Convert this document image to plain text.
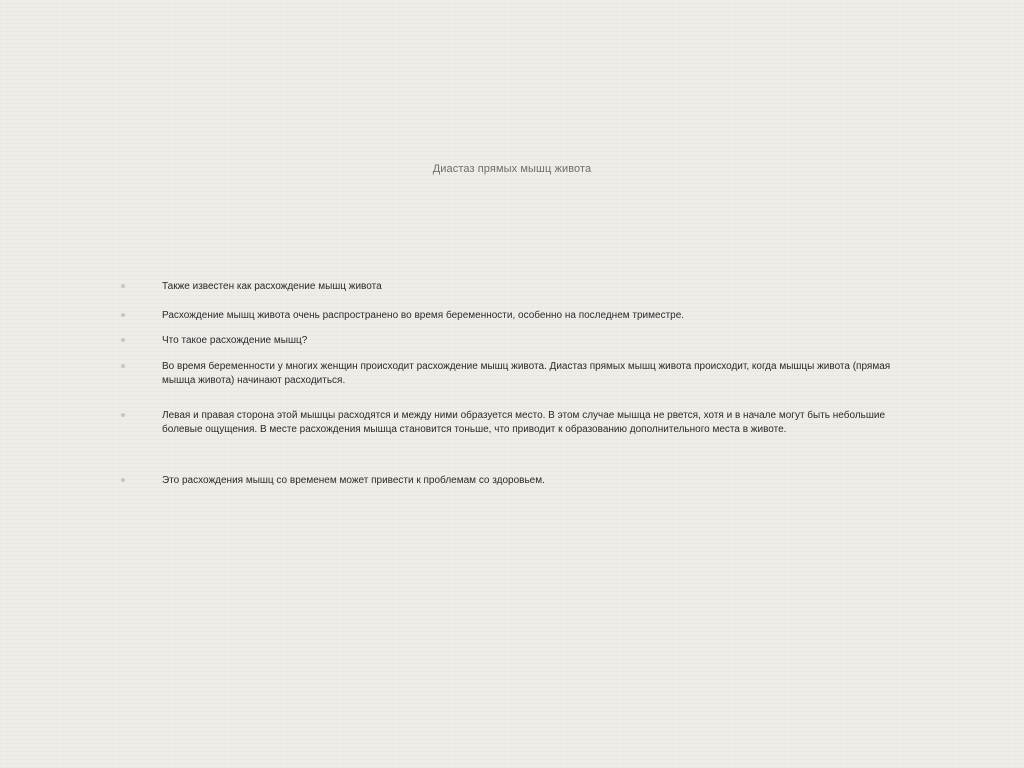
Диастаз прямых мышц живота
Также известен как расхождение мышц живота
Расхождение мышц живота очень распространено во время беременности, особенно на последнем триместре.
Что такое расхождение мышц?
Во время беременности у многих женщин происходит расхождение мышц живота. Диастаз прямых мышц живота происходит, когда мышцы живота (прямая мышца живота) начинают расходиться.
Левая и правая сторона этой мышцы расходятся и между ними образуется место. В этом случае мышца не рвется, хотя и в начале могут быть небольшие болевые ощущения. В месте расхождения мышца становится тоньше, что приводит к образованию дополнительного места в животе.
Это расхождения мышц со временем может привести к проблемам со здоровьем.
